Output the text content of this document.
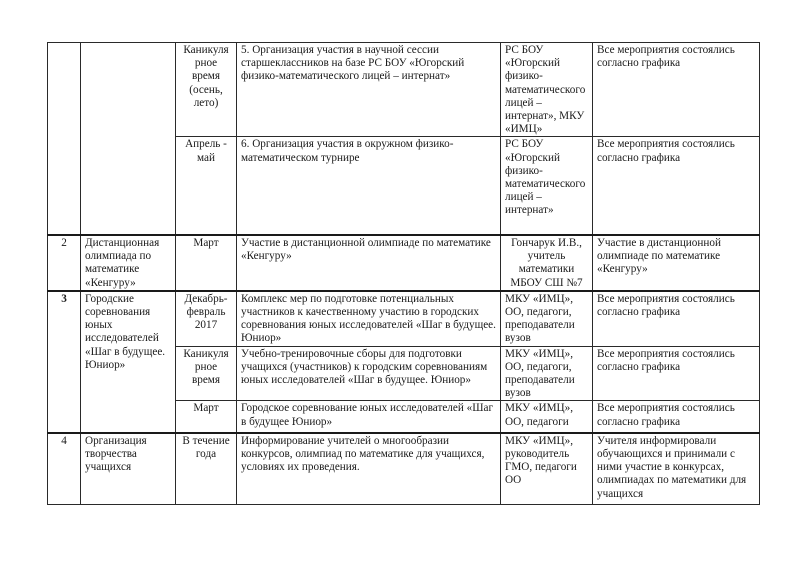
		Каникуля рное время (осень, лето)	5. Организация участия в научной сессии старшеклассников на базе РС БОУ «Югорский физико-математического лицей – интернат»	РС БОУ «Югорский физико-математического лицей – интернат», МКУ «ИМЦ»	Все мероприятия состоялись согласно графика
		Апрель - май	6. Организация участия в окружном физико-математическом турнире	РС БОУ «Югорский физико-математического лицей – интернат»	Все мероприятия состоялись согласно графика
2	Дистанционная олимпиада по математике «Кенгуру»	Март	Участие в дистанционной олимпиаде по математике «Кенгуру»	Гончарук И.В., учитель математики МБОУ СШ №7	Участие в дистанционной олимпиаде по математике «Кенгуру»
3	Городские соревнования юных исследователей «Шаг в будущее. Юниор»	Декабрь-февраль 2017	Комплекс мер по подготовке потенциальных участников к качественному участию в городских соревнования юных исследователей «Шаг в будущее. Юниор»	МКУ «ИМЦ», ОО, педагоги, преподаватели вузов	Все мероприятия состоялись согласно графика
		Каникуля рное время	Учебно-тренировочные сборы для подготовки учащихся (участников) к городским соревнованиям юных исследователей «Шаг в будущее. Юниор»	МКУ «ИМЦ», ОО, педагоги, преподаватели вузов	Все мероприятия состоялись согласно графика
		Март	Городское соревнование юных исследователей «Шаг в будущее Юниор»	МКУ «ИМЦ», ОО, педагоги	Все мероприятия состоялись согласно графика
4	Организация творчества учащихся	В течение года	Информирование учителей о многообразии конкурсов, олимпиад по математике для учащихся, условиях их проведения.	МКУ «ИМЦ», руководитель ГМО, педагоги ОО	Учителя информировали обучающихся и принимали с ними участие в конкурсах, олимпиадах по математики для учащихся
